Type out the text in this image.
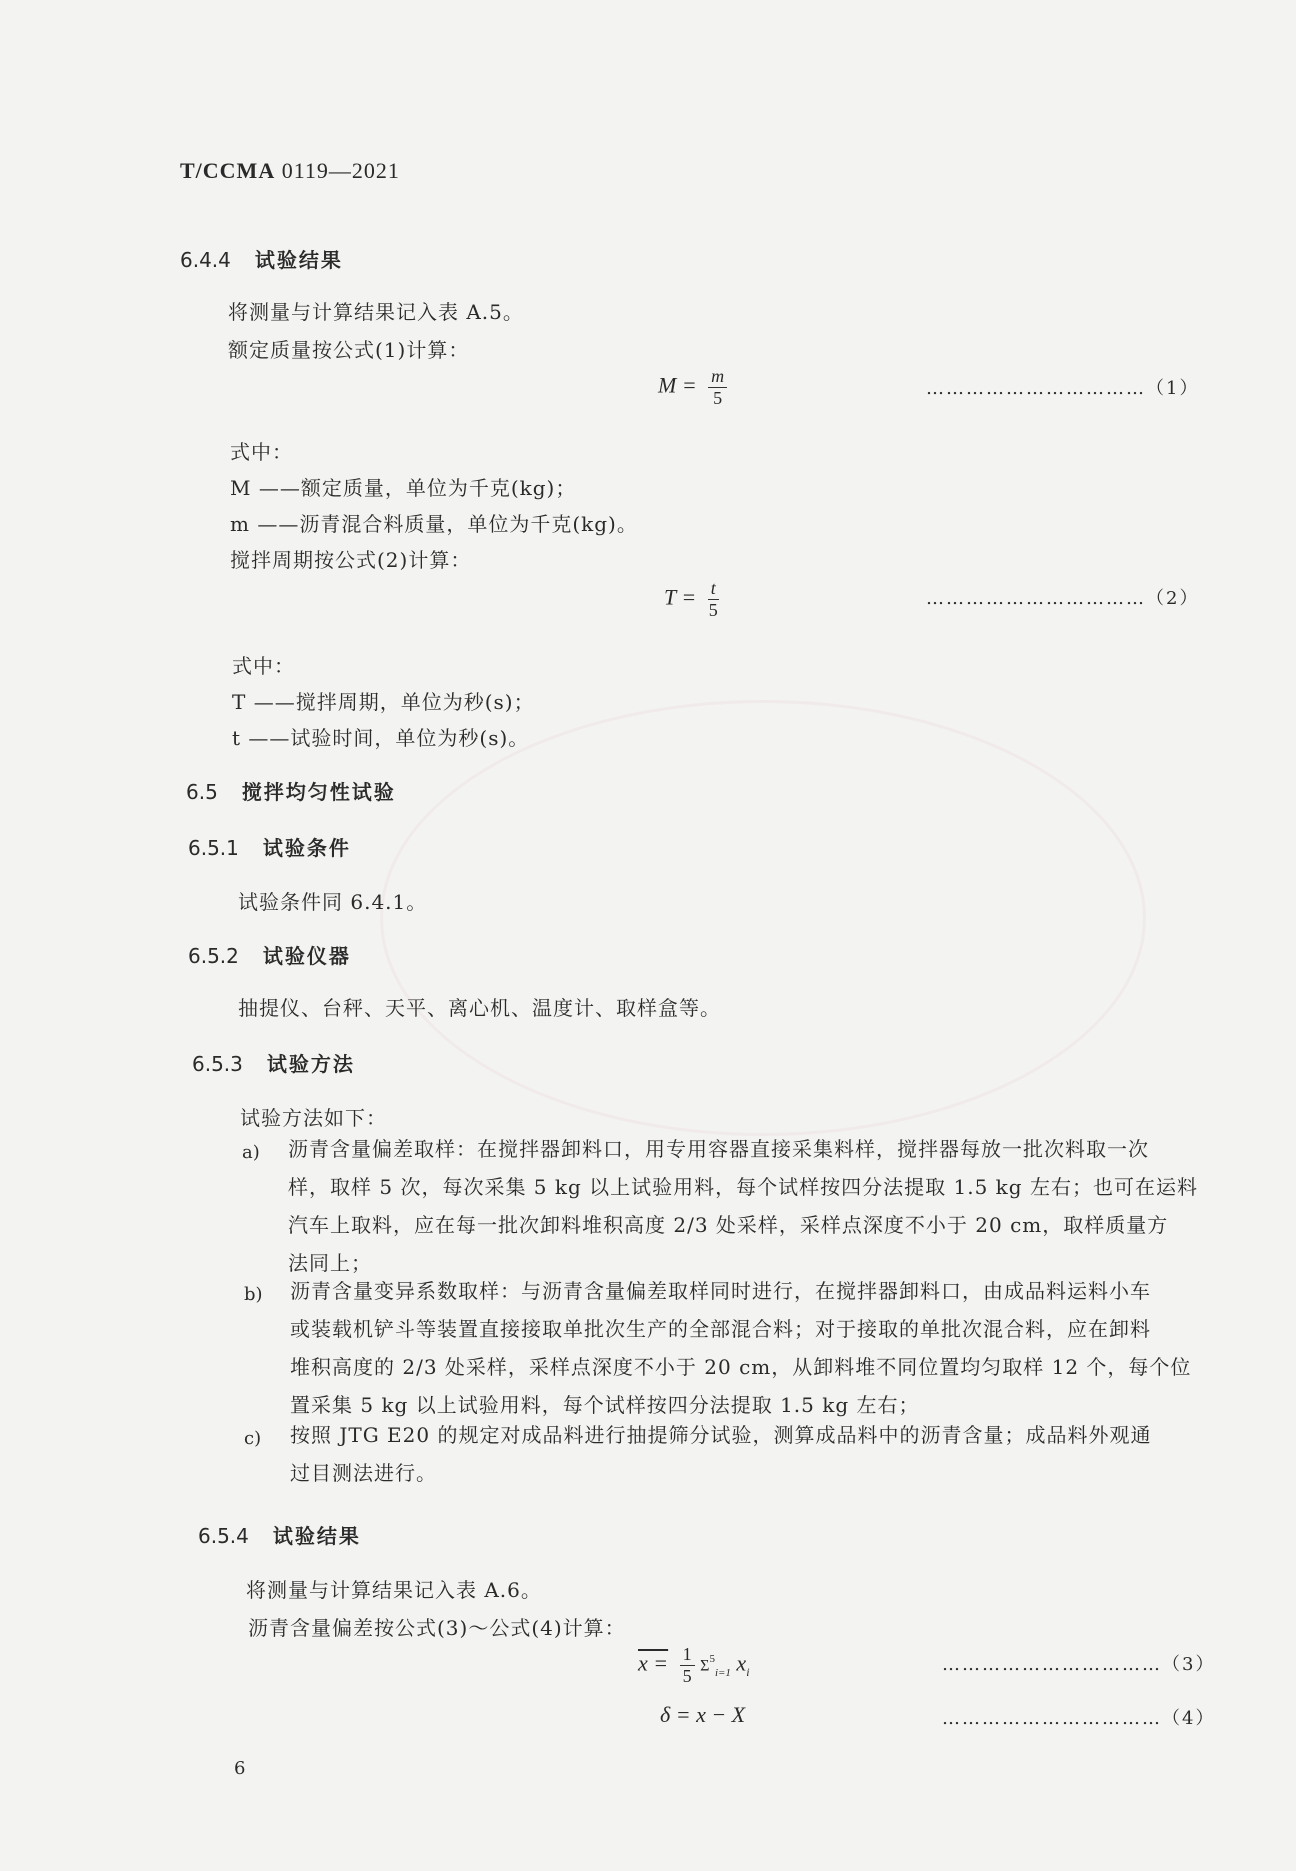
T/CCMA 0119—2021
6.4.4 试验结果
将测量与计算结果记入表 A.5。
额定质量按公式(1)计算：
$M = \frac{m}{5}$	……………………………（1）
式中：
M ——额定质量，单位为千克(kg)；
m ——沥青混合料质量，单位为千克(kg)。
搅拌周期按公式(2)计算：
$T = \frac{t}{5}$	……………………………（2）
式中：
T ——搅拌周期，单位为秒(s)；
t ——试验时间，单位为秒(s)。
6.5 搅拌均匀性试验
6.5.1 试验条件
试验条件同 6.4.1。
6.5.2 试验仪器
抽提仪、台秤、天平、离心机、温度计、取样盒等。
6.5.3 试验方法
试验方法如下：
a) 沥青含量偏差取样：在搅拌器卸料口，用专用容器直接采集料样，搅拌器每放一批次料取一次
样，取样 5 次，每次采集 5 kg 以上试验用料，每个试样按四分法提取 1.5 kg 左右；也可在运料
汽车上取料，应在每一批次卸料堆积高度 2/3 处采样，采样点深度不小于 20 cm，取样质量方
法同上；
b) 沥青含量变异系数取样：与沥青含量偏差取样同时进行，在搅拌器卸料口，由成品料运料小车
或装载机铲斗等装置直接接取单批次生产的全部混合料；对于接取的单批次混合料，应在卸料
堆积高度的 2/3 处采样，采样点深度不小于 20 cm，从卸料堆不同位置均匀取样 12 个，每个位
置采集 5 kg 以上试验用料，每个试样按四分法提取 1.5 kg 左右；
c) 按照 JTG E20 的规定对成品料进行抽提筛分试验，测算成品料中的沥青含量；成品料外观通
过目测法进行。
6.5.4 试验结果
将测量与计算结果记入表 A.6。
沥青含量偏差按公式(3)～公式(4)计算：
$x = \frac{1}{5} \Sigma^5_{i=1}$ $x_i$	……………………………（3）
δ = x − X	……………………………（4）
6
